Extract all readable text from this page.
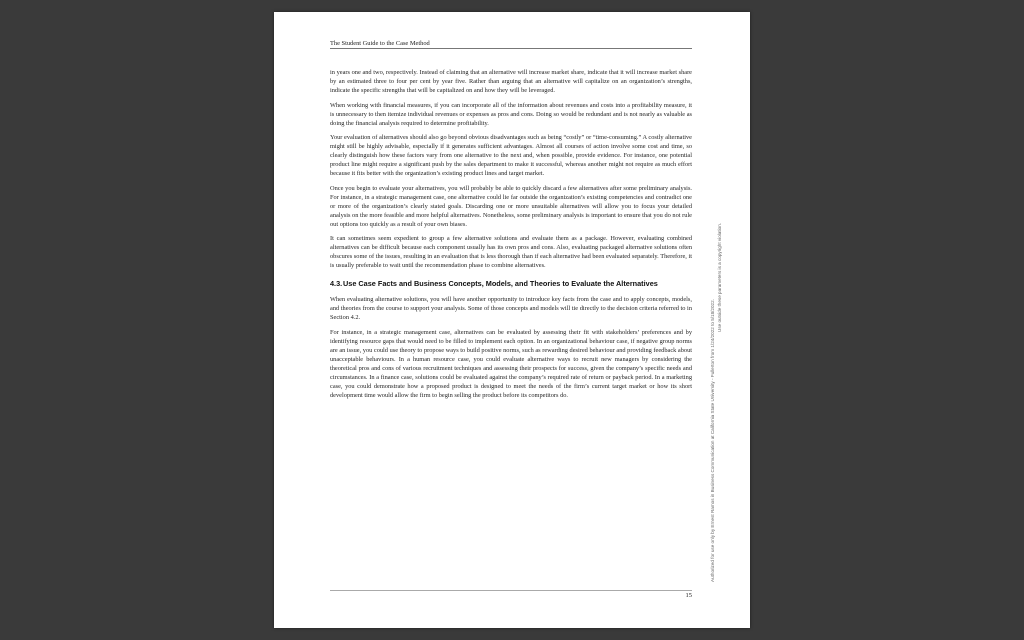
The Student Guide to the Case Method

in years one and two, respectively. Instead of claiming that an alternative will increase market share, indicate that it will increase market share by an estimated three to four per cent by year five. Rather than arguing that an alternative will capitalize on an organization’s strengths, indicate the specific strengths that will be capitalized on and how they will be leveraged.

When working with financial measures, if you can incorporate all of the information about revenues and costs into a profitability measure, it is unnecessary to then itemize individual revenues or expenses as pros and cons. Doing so would be redundant and is not nearly as valuable as doing the financial analysis required to determine profitability.

Your evaluation of alternatives should also go beyond obvious disadvantages such as being “costly” or “time-consuming.” A costly alternative might still be highly advisable, especially if it generates sufficient advantages. Almost all courses of action involve some cost and time, so clearly distinguish how these factors vary from one alternative to the next and, when possible, provide evidence. For instance, one potential product line might require a significant push by the sales department to make it successful, whereas another might not require as much effort because it fits better with the organization’s existing product lines and target market.

Once you begin to evaluate your alternatives, you will probably be able to quickly discard a few alternatives after some preliminary analysis. For instance, in a strategic management case, one alternative could lie far outside the organization’s existing competencies and contradict one or more of the organization’s clearly stated goals. Discarding one or more unsuitable alternatives will allow you to focus your detailed analysis on the more feasible and more helpful alternatives. Nonetheless, some preliminary analysis is important to ensure that you do not rule out options too quickly as a result of your own biases.

It can sometimes seem expedient to group a few alternative solutions and evaluate them as a package. However, evaluating combined alternatives can be difficult because each component usually has its own pros and cons. Also, evaluating packaged alternative solutions often obscures some of the issues, resulting in an evaluation that is less thorough than if each alternative had been evaluated separately. Therefore, it is usually preferable to wait until the recommendation phase to combine alternatives.

4.3.Use Case Facts and Business Concepts, Models, and Theories to Evaluate the Alternatives

When evaluating alternative solutions, you will have another opportunity to introduce key facts from the case and to apply concepts, models, and theories from the course to support your analysis. Some of those concepts and models will tie directly to the decision criteria referred to in Section 4.2.

For instance, in a strategic management case, alternatives can be evaluated by assessing their fit with stakeholders’ preferences and by identifying resource gaps that would need to be filled to implement each option. In an organizational behaviour case, if negative group norms are an issue, you could use theory to propose ways to build positive norms, such as rewarding desired behaviour and providing feedback about unacceptable behaviours. In a human resource case, you could evaluate alternative ways to recruit new managers by considering the theoretical pros and cons of various recruitment techniques and assessing their prospects for success, given the company’s specific needs and circumstances. In a finance case, solutions could be evaluated against the company’s required rate of return or payback period. In a marketing case, you could demonstrate how a proposed product is designed to meet the needs of the firm’s current target market or how its short development time would allow the firm to begin selling the product before its competitors do.

15
Authorized for use only by Ernest Ramos in Business Communication at California State University - Fullerton from 1/24/2022 to 5/18/2022.
Use outside these parameters is a copyright violation.
